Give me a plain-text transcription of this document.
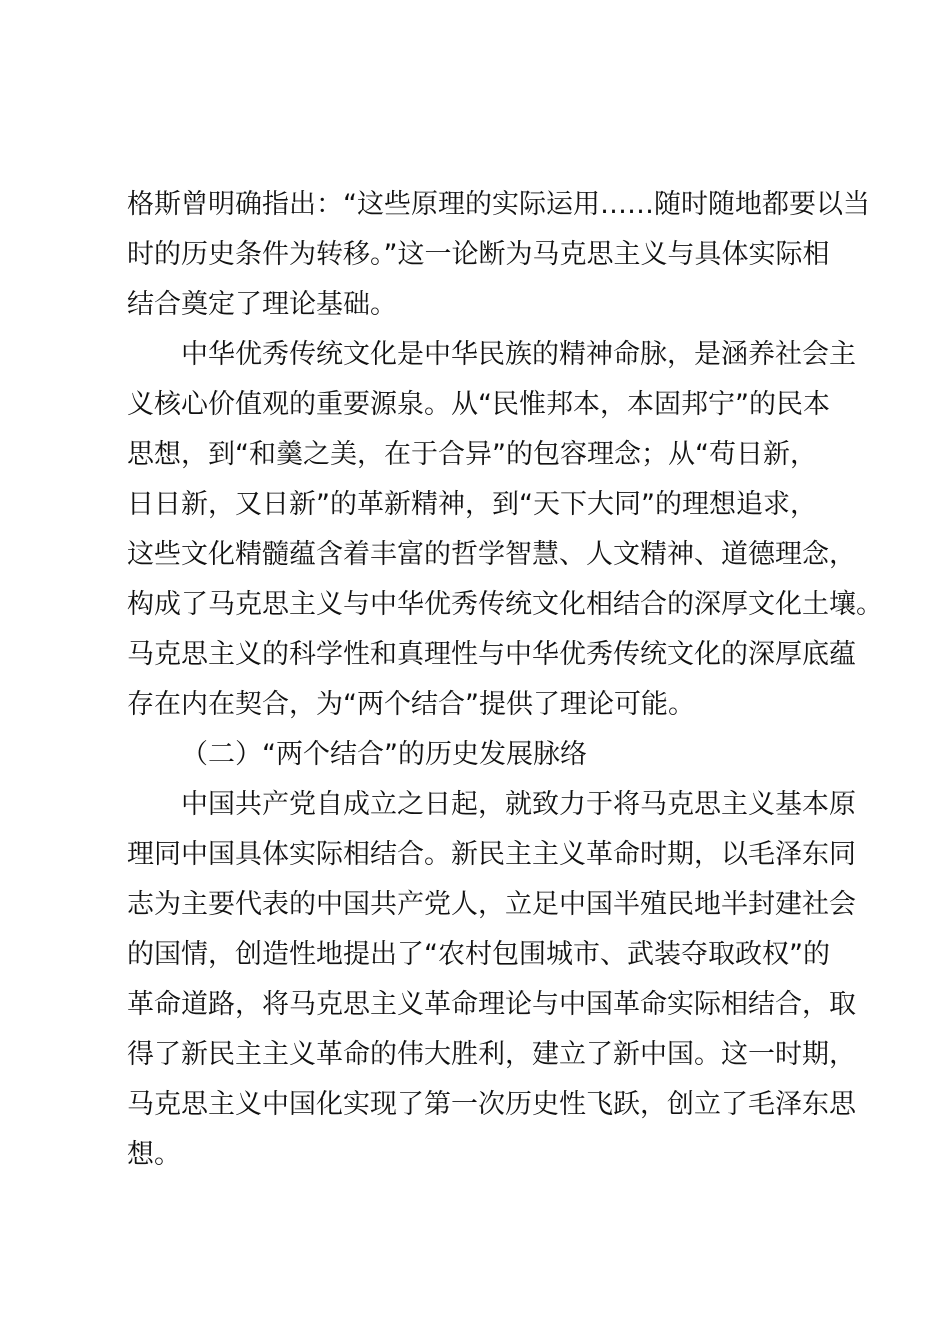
格斯曾明确指出：“这些原理的实际运用……随时随地都要以当
时的历史条件为转移。”这一论断为马克思主义与具体实际相
结合奠定了理论基础。
中华优秀传统文化是中华民族的精神命脉，是涵养社会主
义核心价值观的重要源泉。从“民惟邦本，本固邦宁”的民本
思想，到“和羹之美，在于合异”的包容理念；从“苟日新，
日日新，又日新”的革新精神，到“天下大同”的理想追求，
这些文化精髓蕴含着丰富的哲学智慧、人文精神、道德理念，
构成了马克思主义与中华优秀传统文化相结合的深厚文化土壤。
马克思主义的科学性和真理性与中华优秀传统文化的深厚底蕴
存在内在契合，为“两个结合”提供了理论可能。
（二）“两个结合”的历史发展脉络
中国共产党自成立之日起，就致力于将马克思主义基本原
理同中国具体实际相结合。新民主主义革命时期，以毛泽东同
志为主要代表的中国共产党人，立足中国半殖民地半封建社会
的国情，创造性地提出了“农村包围城市、武装夺取政权”的
革命道路，将马克思主义革命理论与中国革命实际相结合，取
得了新民主主义革命的伟大胜利，建立了新中国。这一时期，
马克思主义中国化实现了第一次历史性飞跃，创立了毛泽东思
想。
